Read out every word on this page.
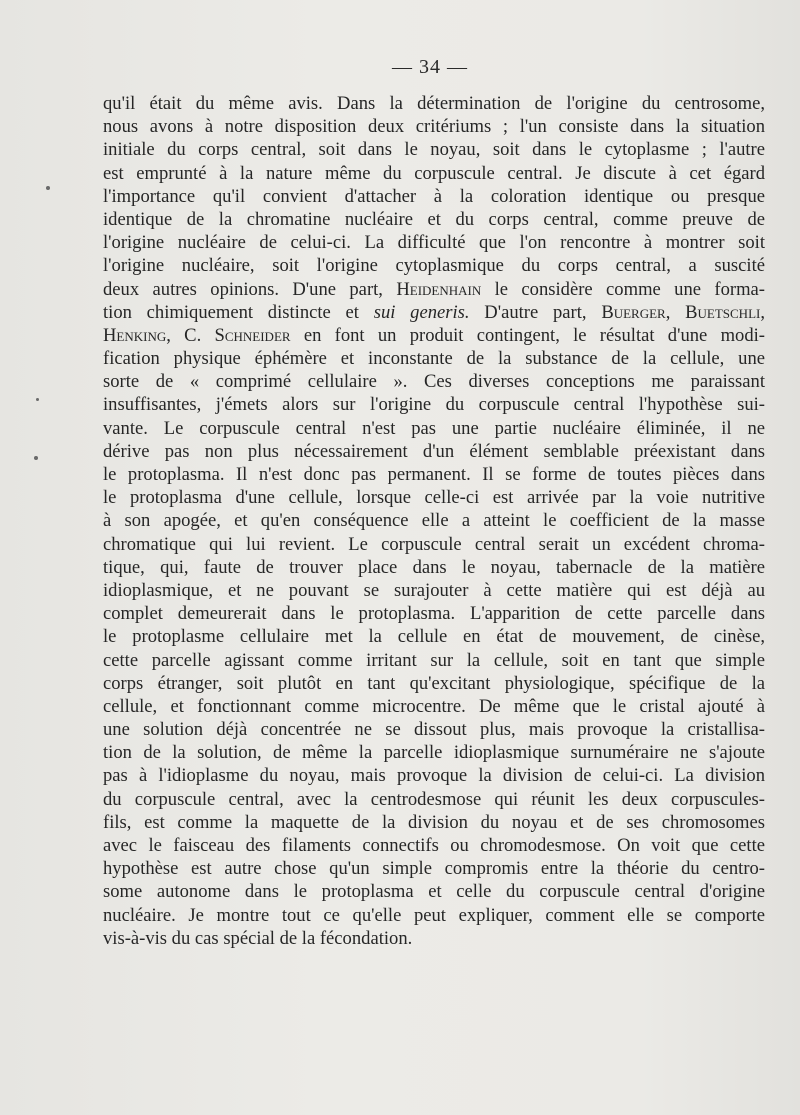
— 34 —
qu'il était du même avis. Dans la détermination de l'origine du centrosome,
nous avons à notre disposition deux critériums ; l'un consiste dans la situation
initiale du corps central, soit dans le noyau, soit dans le cytoplasme ; l'autre
est emprunté à la nature même du corpuscule central. Je discute à cet égard
l'importance qu'il convient d'attacher à la coloration identique ou presque
identique de la chromatine nucléaire et du corps central, comme preuve de
l'origine nucléaire de celui-ci. La difficulté que l'on rencontre à montrer soit
l'origine nucléaire, soit l'origine cytoplasmique du corps central, a suscité
deux autres opinions. D'une part, Heidenhain le considère comme une forma-
tion chimiquement distincte et sui generis. D'autre part, Buerger, Buetschli,
Henking, C. Schneider en font un produit contingent, le résultat d'une modi-
fication physique éphémère et inconstante de la substance de la cellule, une
sorte de « comprimé cellulaire ». Ces diverses conceptions me paraissant
insuffisantes, j'émets alors sur l'origine du corpuscule central l'hypothèse sui-
vante. Le corpuscule central n'est pas une partie nucléaire éliminée, il ne
dérive pas non plus nécessairement d'un élément semblable préexistant dans
le protoplasma. Il n'est donc pas permanent. Il se forme de toutes pièces dans
le protoplasma d'une cellule, lorsque celle-ci est arrivée par la voie nutritive
à son apogée, et qu'en conséquence elle a atteint le coefficient de la masse
chromatique qui lui revient. Le corpuscule central serait un excédent chroma-
tique, qui, faute de trouver place dans le noyau, tabernacle de la matière
idioplasmique, et ne pouvant se surajouter à cette matière qui est déjà au
complet demeurerait dans le protoplasma. L'apparition de cette parcelle dans
le protoplasme cellulaire met la cellule en état de mouvement, de cinèse,
cette parcelle agissant comme irritant sur la cellule, soit en tant que simple
corps étranger, soit plutôt en tant qu'excitant physiologique, spécifique de la
cellule, et fonctionnant comme microcentre. De même que le cristal ajouté à
une solution déjà concentrée ne se dissout plus, mais provoque la cristallisa-
tion de la solution, de même la parcelle idioplasmique surnuméraire ne s'ajoute
pas à l'idioplasme du noyau, mais provoque la division de celui-ci. La division
du corpuscule central, avec la centrodesmose qui réunit les deux corpuscules-
fils, est comme la maquette de la division du noyau et de ses chromosomes
avec le faisceau des filaments connectifs ou chromodesmose. On voit que cette
hypothèse est autre chose qu'un simple compromis entre la théorie du centro-
some autonome dans le protoplasma et celle du corpuscule central d'origine
nucléaire. Je montre tout ce qu'elle peut expliquer, comment elle se comporte
vis-à-vis du cas spécial de la fécondation.
